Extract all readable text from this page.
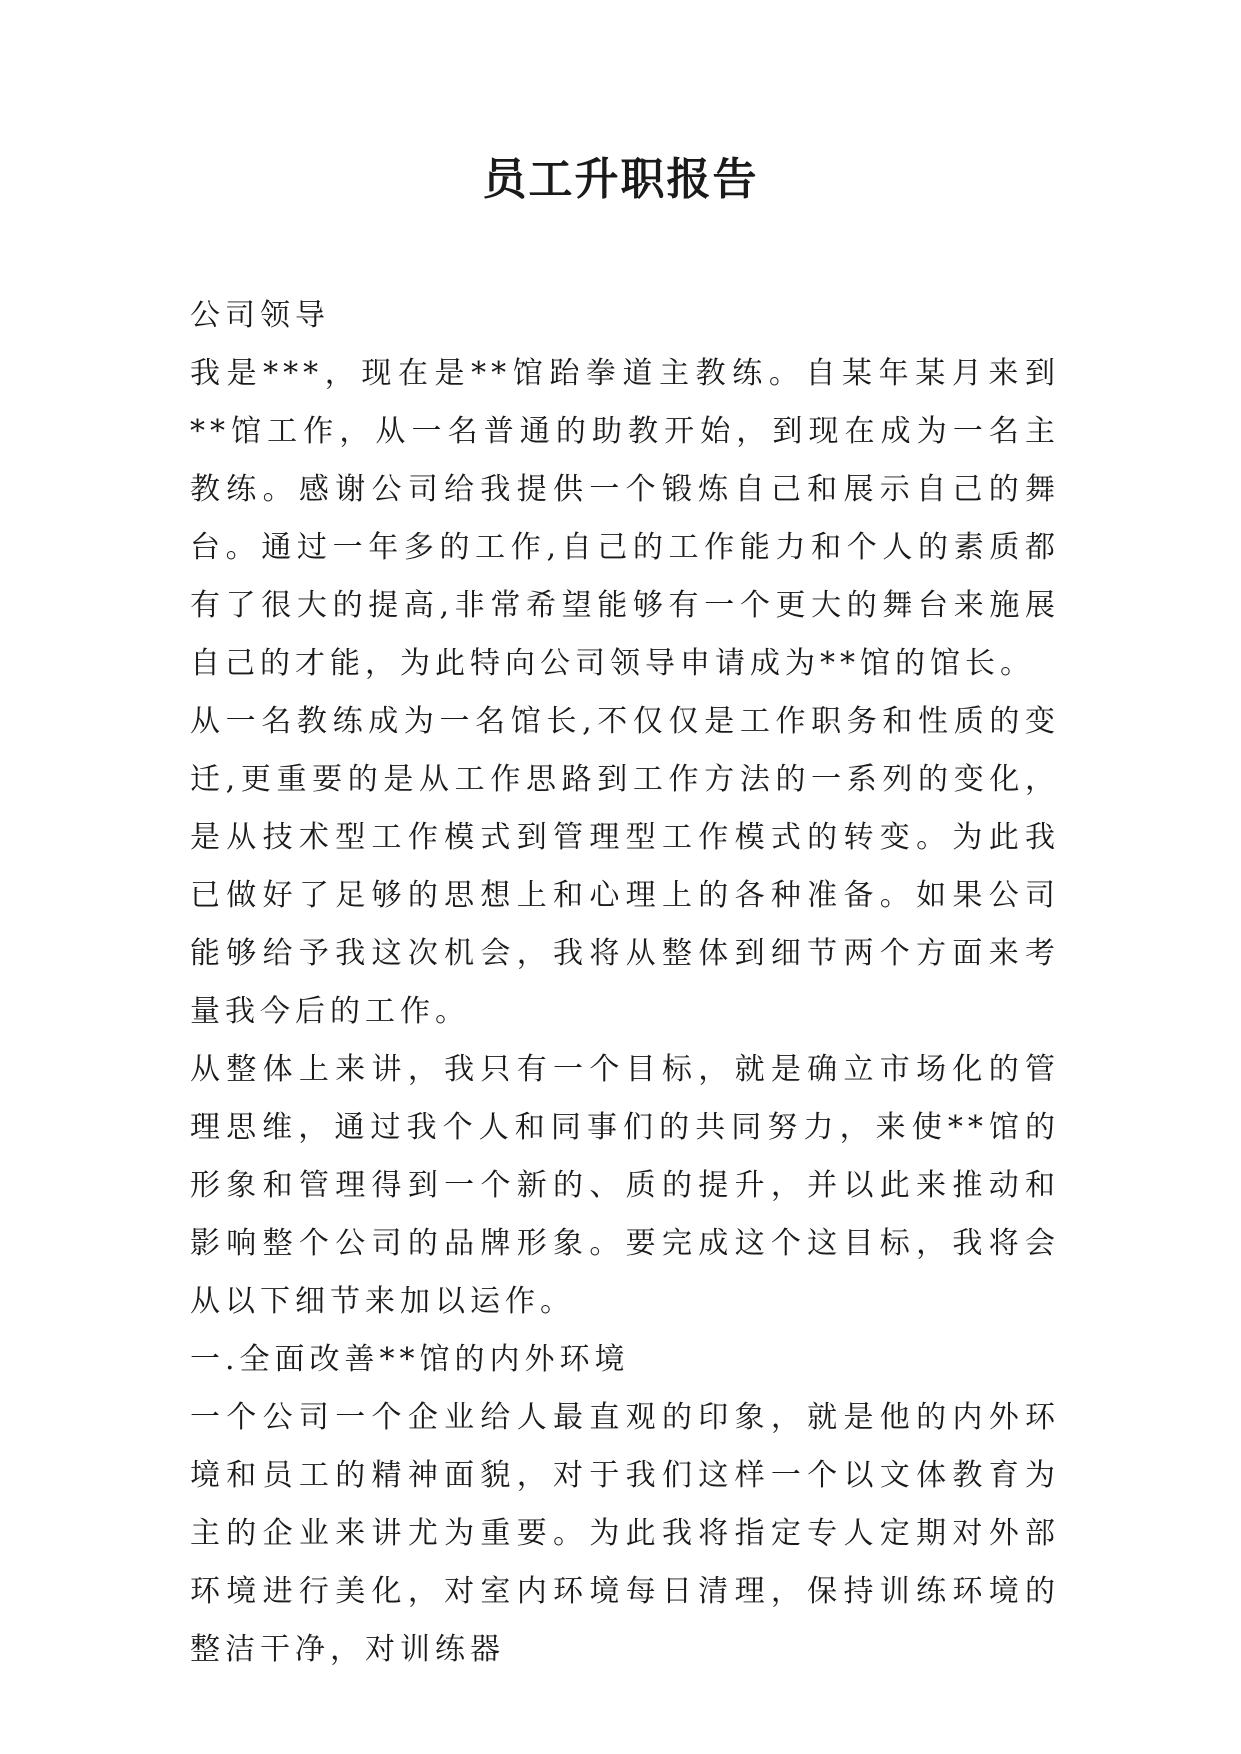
员工升职报告

公司领导

我是***，现在是**馆跆拳道主教练。自某年某月来到**馆工作，从一名普通的助教开始，到现在成为一名主教练。感谢公司给我提供一个锻炼自己和展示自己的舞台。通过一年多的工作,自己的工作能力和个人的素质都有了很大的提高,非常希望能够有一个更大的舞台来施展自己的才能，为此特向公司领导申请成为**馆的馆长。

从一名教练成为一名馆长,不仅仅是工作职务和性质的变迁,更重要的是从工作思路到工作方法的一系列的变化，是从技术型工作模式到管理型工作模式的转变。为此我已做好了足够的思想上和心理上的各种准备。如果公司能够给予我这次机会，我将从整体到细节两个方面来考量我今后的工作。

从整体上来讲，我只有一个目标，就是确立市场化的管理思维，通过我个人和同事们的共同努力，来使**馆的形象和管理得到一个新的、质的提升，并以此来推动和影响整个公司的品牌形象。要完成这个这目标，我将会从以下细节来加以运作。

一.全面改善**馆的内外环境

一个公司一个企业给人最直观的印象，就是他的内外环境和员工的精神面貌，对于我们这样一个以文体教育为主的企业来讲尤为重要。为此我将指定专人定期对外部环境进行美化，对室内环境每日清理，保持训练环境的整洁干净，对训练器
